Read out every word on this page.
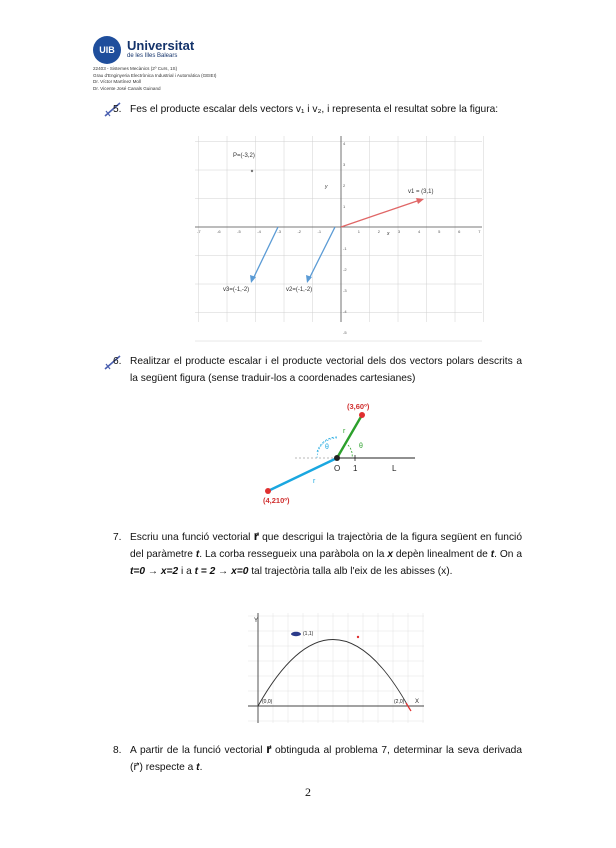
UIB Universitat
de les Illes Balears
22403 - Sistemes Mecànics (2º Curs, 1S)
Grau d'Enginyeria Electrònica Industrial i Automàtica (GEIEI)
Dr. Víctor Martínez Moll
Dr. Vicente José Canals Guinand
5. Fes el producte escalar dels vectors v₁ i v₂, i representa el resultat sobre la figura:
-7	-6	-5	-4	-3	-2	-1	1	2	3	4	5	6	7
4
3
2
1
-1
-2
-3
-4
-5
P=(-3,2)
v1 = (3,1)
v2=(-1,-2)
v3=(-1,-2)
x
y
6. Realitzar el producte escalar i el producte vectorial dels dos vectors polars descrits a la següent figura (sense traduir-los a coordenades cartesianes)
(3,60º)
(4,210º)
r
r
θ	θ
O 1	L
7. Escriu una funció vectorial r⃗ que descrigui la trajectòria de la figura següent en funció del paràmetre t. La corba ressegueix una paràbola on la x depèn linealment de t. On a t=0 → x=2 i a t = 2 → x=0 tal trajectòria talla alb l'eix de les abisses (x).
Y
X
(1,1)
(0,0)	(2,0)
8. A partir de la funció vectorial r⃗ obtinguda al problema 7, determinar la seva derivada (r⃗') respecte a t.
2
